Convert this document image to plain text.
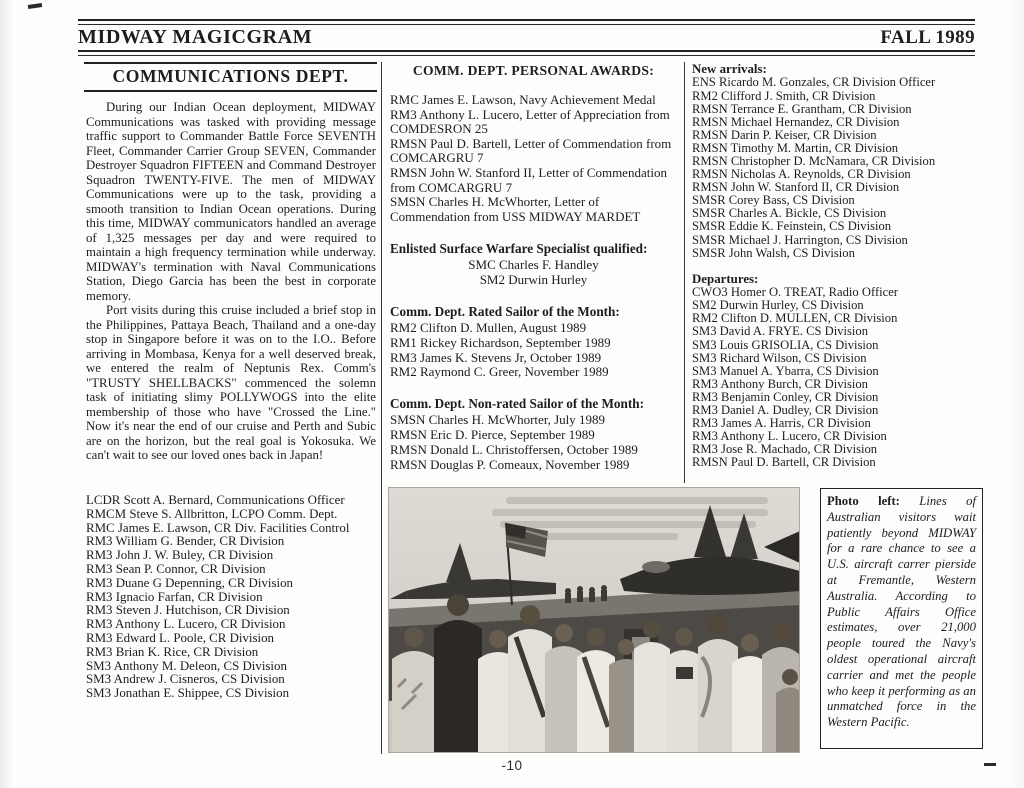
MIDWAY MAGICGRAM	FALL 1989
COMMUNICATIONS DEPT.
During our Indian Ocean deployment, MIDWAY Communications was tasked with providing message traffic support to Commander Battle Force SEVENTH Fleet, Commander Carrier Group SEVEN, Commander Destroyer Squadron FIFTEEN and Command Destroyer Squadron TWENTY-FIVE. The men of MIDWAY Communications were up to the task, providing a smooth transition to Indian Ocean operations. During this time, MIDWAY communicators handled an average of 1,325 messages per day and were required to maintain a high frequency termination while underway. MIDWAY's termination with Naval Communications Station, Diego Garcia has been the best in corporate memory.
Port visits during this cruise included a brief stop in the Philippines, Pattaya Beach, Thailand and a one-day stop in Singapore before it was on to the I.O.. Before arriving in Mombasa, Kenya for a well deserved break, we entered the realm of Neptunis Rex. Comm's "TRUSTY SHELLBACKS" commenced the solemn task of initiating slimy POLLYWOGS into the elite membership of those who have "Crossed the Line." Now it's near the end of our cruise and Perth and Subic are on the horizon, but the real goal is Yokosuka. We can't wait to see our loved ones back in Japan!
LCDR Scott A. Bernard, Communications Officer
RMCM Steve S. Allbritton, LCPO Comm. Dept.
RMC James E. Lawson, CR Div. Facilities Control
RM3 William G. Bender, CR Division
RM3 John J. W. Buley, CR Division
RM3 Sean P. Connor, CR Division
RM3 Duane G Depenning, CR Division
RM3 Ignacio Farfan, CR Division
RM3 Steven J. Hutchison, CR Division
RM3 Anthony L. Lucero, CR Division
RM3 Edward L. Poole, CR Division
RM3 Brian K. Rice, CR Division
SM3 Anthony M. Deleon, CS Division
SM3 Andrew J. Cisneros, CS Division
SM3 Jonathan E. Shippee, CS Division

COMM. DEPT. PERSONAL AWARDS:

RMC James E. Lawson, Navy Achievement Medal
RM3 Anthony L. Lucero, Letter of Appreciation from COMDESRON 25
RMSN Paul D. Bartell, Letter of Commendation from COMCARGRU 7
RMSN John W. Stanford II, Letter of Commendation from COMCARGRU 7
SMSN Charles H. McWhorter, Letter of Commendation from USS MIDWAY MARDET

Enlisted Surface Warfare Specialist qualified:

SMC Charles F. Handley
SM2 Durwin Hurley

Comm. Dept. Rated Sailor of the Month:

RM2 Clifton D. Mullen, August 1989
RM1 Rickey Richardson, September 1989
RM3 James K. Stevens Jr, October 1989
RM2 Raymond C. Greer, November 1989

Comm. Dept. Non-rated Sailor of the Month:

SMSN Charles H. McWhorter, July 1989
RMSN Eric D. Pierce, September 1989
RMSN Donald L. Christoffersen, October 1989
RMSN Douglas P. Comeaux, November 1989

New arrivals:

ENS Ricardo M. Gonzales, CR Division Officer
RM2 Clifford J. Smith, CR Division
RMSN Terrance E. Grantham, CR Division
RMSN Michael Hernandez, CR Division
RMSN Darin P. Keiser, CR Division
RMSN Timothy M. Martin, CR Division
RMSN Christopher D. McNamara, CR Division
RMSN Nicholas A. Reynolds, CR Division
RMSN John W. Stanford II, CR Division
SMSR Corey Bass, CS Division
SMSR Charles A. Bickle, CS Division
SMSR Eddie K. Feinstein, CS Division
SMSR Michael J. Harrington, CS Division
SMSR John Walsh, CS Division

Departures:

CWO3 Homer O. TREAT, Radio Officer
SM2 Durwin Hurley, CS Division
RM2 Clifton D. MULLEN, CR Division
SM3 David A. FRYE. CS Division
SM3 Louis GRISOLIA, CS Division
SM3 Richard Wilson, CS Division
SM3 Manuel A. Ybarra, CS Division
RM3 Anthony Burch, CR Division
RM3 Benjamin Conley, CR Division
RM3 Daniel A. Dudley, CR Division
RM3 James A. Harris, CR Division
RM3 Anthony L. Lucero, CR Division
RM3 Jose R. Machado, CR Division
RMSN Paul D. Bartell, CR Division

Photo left: Lines of Australian visitors wait patiently beyond MIDWAY for a rare chance to see a U.S. aircraft carrer pierside at Fremantle, Western Australia. According to Public Affairs Office estimates, over 21,000 people toured the Navy's oldest operational aircraft carrier and met the people who keep it performing as an unmatched force in the Western Pacific.

-10
